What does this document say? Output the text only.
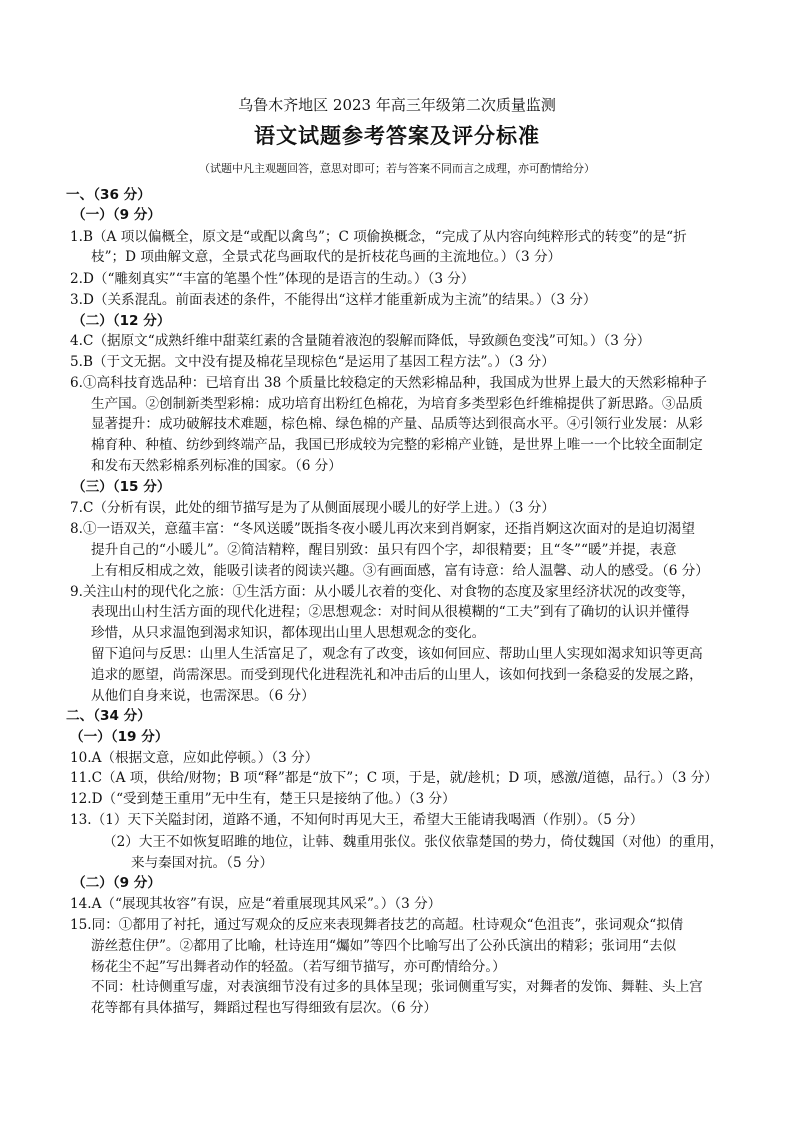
乌鲁木齐地区 2023 年高三年级第二次质量监测
语文试题参考答案及评分标准
（试题中凡主观题回答，意思对即可；若与答案不同而言之成理，亦可酌情给分）
一、（36 分）
（一）（9 分）
1.B（A 项以偏概全，原文是“或配以禽鸟”；C 项偷换概念，“完成了从内容向纯粹形式的转变”的是“折
枝”；D 项曲解文意，全景式花鸟画取代的是折枝花鸟画的主流地位。）（3 分）
2.D（“雕刻真实”“丰富的笔墨个性”体现的是语言的生动。）（3 分）
3.D（关系混乱。前面表述的条件，不能得出“这样才能重新成为主流”的结果。）（3 分）
（二）（12 分）
4.C（据原文“成熟纤维中甜菜红素的含量随着液泡的裂解而降低，导致颜色变浅”可知。）（3 分）
5.B（于文无据。文中没有提及棉花呈现棕色“是运用了基因工程方法”。）（3 分）
6.①高科技育选品种：已培育出 38 个质量比较稳定的天然彩棉品种，我国成为世界上最大的天然彩棉种子
生产国。②创制新类型彩棉：成功培育出粉红色棉花，为培育多类型彩色纤维棉提供了新思路。③品质
显著提升：成功破解技术难题，棕色棉、绿色棉的产量、品质等达到很高水平。④引领行业发展：从彩
棉育种、种植、纺纱到终端产品，我国已形成较为完整的彩棉产业链，是世界上唯一一个比较全面制定
和发布天然彩棉系列标准的国家。（6 分）
（三）（15 分）
7.C（分析有误，此处的细节描写是为了从侧面展现小暖儿的好学上进。）（3 分）
8.①一语双关，意蕴丰富：“冬风送暖”既指冬夜小暖儿再次来到肖婀家，还指肖婀这次面对的是迫切渴望
提升自己的“小暖儿”。②简洁精粹，醒目别致：虽只有四个字，却很精要；且“冬”“暖”并提，表意
上有相反相成之效，能吸引读者的阅读兴趣。③有画面感，富有诗意：给人温馨、动人的感受。（6 分）
9.关注山村的现代化之旅：①生活方面：从小暖儿衣着的变化、对食物的态度及家里经济状况的改变等，
表现出山村生活方面的现代化进程；②思想观念：对时间从很模糊的“工夫”到有了确切的认识并懂得
珍惜，从只求温饱到渴求知识，都体现出山里人思想观念的变化。
留下追问与反思：山里人生活富足了，观念有了改变，该如何回应、帮助山里人实现如渴求知识等更高
追求的愿望，尚需深思。而受到现代化进程洗礼和冲击后的山里人，该如何找到一条稳妥的发展之路，
从他们自身来说，也需深思。（6 分）
二、（34 分）
（一）（19 分）
10.A（根据文意，应如此停顿。）（3 分）
11.C（A 项，供给/财物；B 项“释”都是“放下”；C 项，于是，就/趁机；D 项，感激/道德，品行。）（3 分）
12.D（“受到楚王重用”无中生有，楚王只是接纳了他。）（3 分）
13.（1）天下关隘封闭，道路不通，不知何时再见大王，希望大王能请我喝酒（作别）。（5 分）
（2）大王不如恢复昭雎的地位，让韩、魏重用张仪。张仪依靠楚国的势力，倚仗魏国（对他）的重用，
来与秦国对抗。（5 分）
（二）（9 分）
14.A（“展现其妆容”有误，应是“着重展现其风采”。）（3 分）
15.同：①都用了衬托，通过写观众的反应来表现舞者技艺的高超。杜诗观众“色沮丧”，张词观众“拟倩
游丝惹住伊”。②都用了比喻，杜诗连用“爥如”等四个比喻写出了公孙氏演出的精彩；张词用“去似
杨花尘不起”写出舞者动作的轻盈。（若写细节描写，亦可酌情给分。）
不同：杜诗侧重写虚，对表演细节没有过多的具体呈现；张词侧重写实，对舞者的发饰、舞鞋、头上宫
花等都有具体描写，舞蹈过程也写得细致有层次。（6 分）
